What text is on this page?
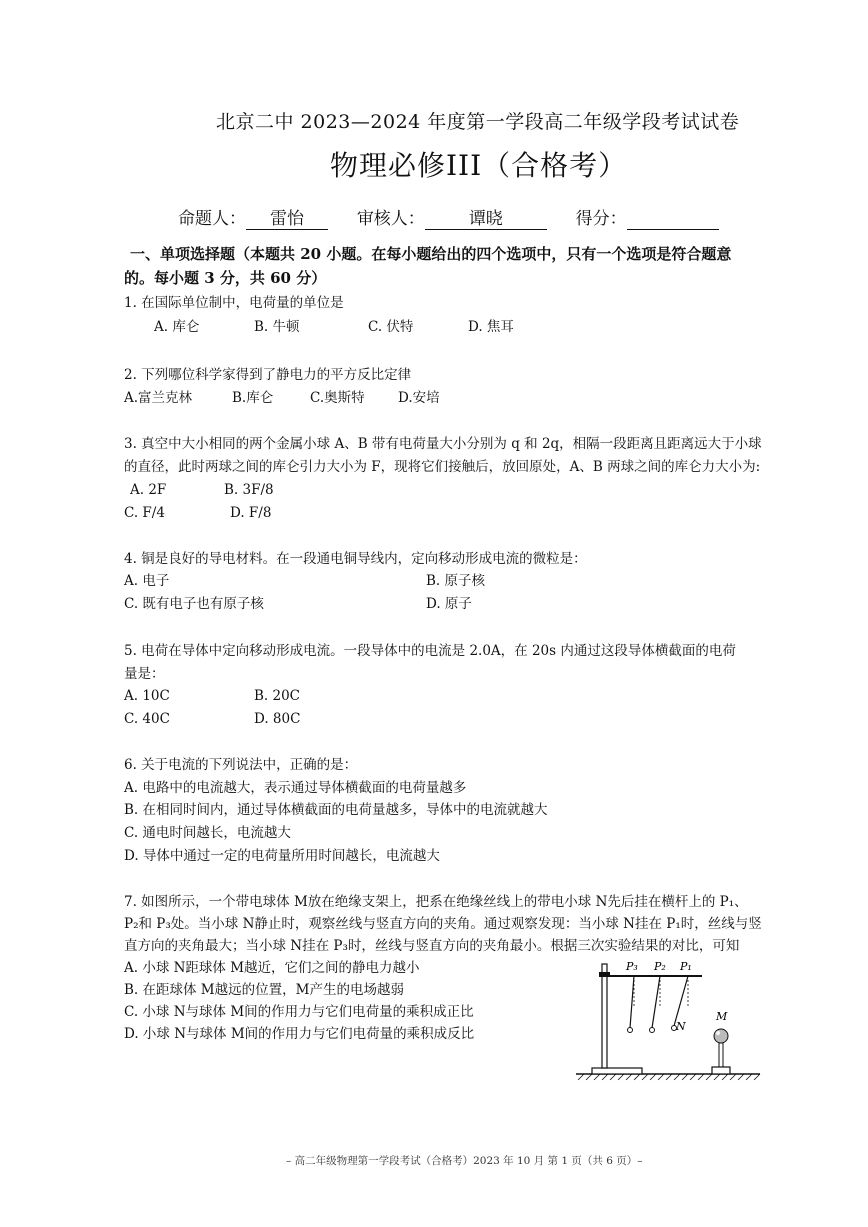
北京二中 2023—2024 年度第一学段高二年级学段考试试卷
物理必修III（合格考）
命题人： 雷怡	审核人：	谭晓	得分：
一、单项选择题（本题共 20 小题。在每小题给出的四个选项中，只有一个选项是符合题意
的。每小题 3 分，共 60 分）
1. 在国际单位制中，电荷量的单位是
A. 库仑	B. 牛顿	C. 伏特	D. 焦耳
2. 下列哪位科学家得到了静电力的平方反比定律
A.富兰克林	B.库仑	C.奥斯特 D.安培
3. 真空中大小相同的两个金属小球 A、B 带有电荷量大小分别为 q 和 2q，相隔一段距离且距离远大于小球
的直径，此时两球之间的库仑引力大小为 F，现将它们接触后，放回原处，A、B 两球之间的库仑力大小为:
A. 2F	B. 3F/8
C. F/4	D. F/8
4. 铜是良好的导电材料。在一段通电铜导线内，定向移动形成电流的微粒是：
A. 电子	B. 原子核
C. 既有电子也有原子核	D. 原子
5. 电荷在导体中定向移动形成电流。一段导体中的电流是 2.0A，在 20s 内通过这段导体横截面的电荷
量是：
A. 10C	B. 20C
C. 40C	D. 80C
6. 关于电流的下列说法中，正确的是：
A. 电路中的电流越大，表示通过导体横截面的电荷量越多
B. 在相同时间内，通过导体横截面的电荷量越多，导体中的电流就越大
C. 通电时间越长，电流越大
D. 导体中通过一定的电荷量所用时间越长，电流越大
7. 如图所示，一个带电球体 M放在绝缘支架上，把系在绝缘丝线上的带电小球 N先后挂在横杆上的 P₁、
P₂和 P₃处。当小球 N静止时，观察丝线与竖直方向的夹角。通过观察发现：当小球 N挂在 P₁时，丝线与竖
直方向的夹角最大；当小球 N挂在 P₃时，丝线与竖直方向的夹角最小。根据三次实验结果的对比，可知
A. 小球 N距球体 M越近，它们之间的静电力越小
B. 在距球体 M越远的位置，M产生的电场越弱
C. 小球 N与球体 M间的作用力与它们电荷量的乘积成正比
D. 小球 N与球体 M间的作用力与它们电荷量的乘积成反比
P₃ P₂ P₁
N
M
– 高二年级物理第一学段考试（合格考）2023 年 10 月 第 1 页（共 6 页）–
